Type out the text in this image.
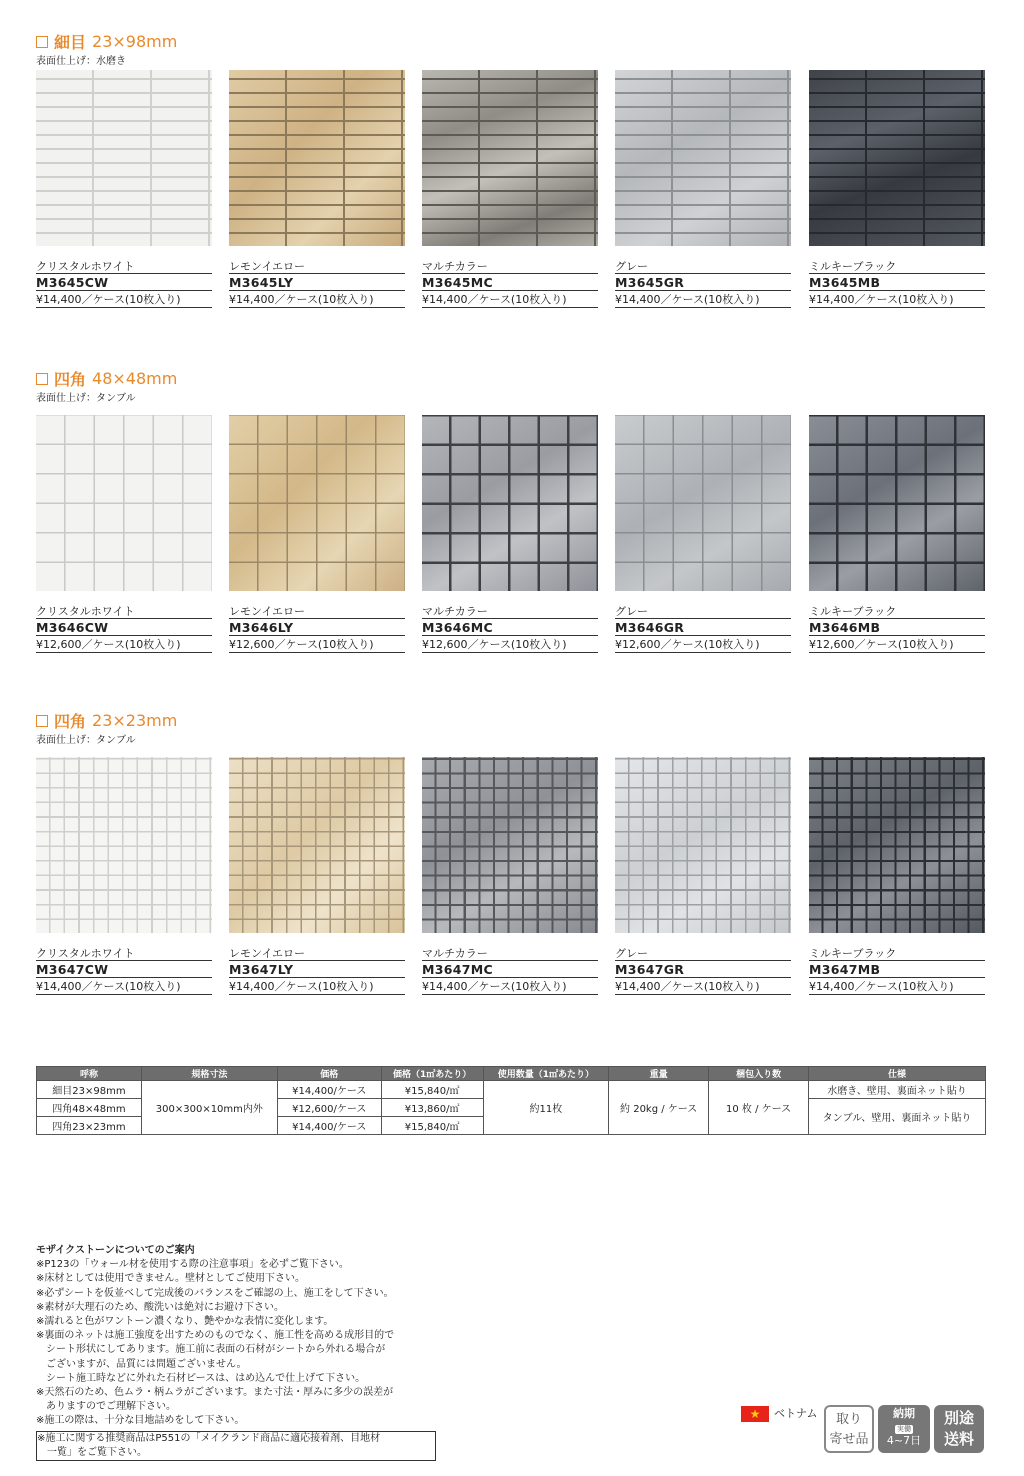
細目 23×98mm
表面仕上げ：水磨き
クリスタルホワイト
M3645CW
¥14,400／ケース(10枚入り)
レモンイエロー
M3645LY
¥14,400／ケース(10枚入り)
マルチカラー
M3645MC
¥14,400／ケース(10枚入り)
グレー
M3645GR
¥14,400／ケース(10枚入り)
ミルキーブラック
M3645MB
¥14,400／ケース(10枚入り)
四角 48×48mm
表面仕上げ：タンブル
クリスタルホワイト
M3646CW
¥12,600／ケース(10枚入り)
レモンイエロー
M3646LY
¥12,600／ケース(10枚入り)
マルチカラー
M3646MC
¥12,600／ケース(10枚入り)
グレー
M3646GR
¥12,600／ケース(10枚入り)
ミルキーブラック
M3646MB
¥12,600／ケース(10枚入り)
四角 23×23mm
表面仕上げ：タンブル
クリスタルホワイト
M3647CW
¥14,400／ケース(10枚入り)
レモンイエロー
M3647LY
¥14,400／ケース(10枚入り)
マルチカラー
M3647MC
¥14,400／ケース(10枚入り)
グレー
M3647GR
¥14,400／ケース(10枚入り)
ミルキーブラック
M3647MB
¥14,400／ケース(10枚入り)
呼称	規格寸法	価格	価格（1㎡あたり）	使用数量（1㎡あたり）	重量	梱包入り数	仕様
細目23×98mm	300×300×10mm内外	¥14,400/ケース	¥15,840/㎡	約11枚	約 20kg / ケース	10 枚 / ケース	水磨き、壁用、裏面ネット貼り
四角48×48mm		¥12,600/ケース	¥13,860/㎡				タンブル、壁用、裏面ネット貼り
四角23×23mm		¥14,400/ケース	¥15,840/㎡				
モザイクストーンについてのご案内
※P123の「ウォール材を使用する際の注意事項」を必ずご覧下さい。
※床材としては使用できません。壁材としてご使用下さい。
※必ずシートを仮並べして完成後のバランスをご確認の上、施工をして下さい。
※素材が大理石のため、酸洗いは絶対にお避け下さい。
※濡れると色がワントーン濃くなり、艶やかな表情に変化します。
※裏面のネットは施工強度を出すためのものでなく、施工性を高める成形目的で
　シート形状にしてあります。施工前に表面の石材がシートから外れる場合が
　ございますが、品質には問題ございません。
　シート施工時などに外れた石材ピースは、はめ込んで仕上げて下さい。
※天然石のため、色ムラ・柄ムラがございます。また寸法・厚みに多少の誤差が
　ありますのでご理解下さい。
※施工の際は、十分な目地詰めをして下さい。
※施工に関する推奨商品はP551の「メイクランド商品に適応接着剤、目地材
　一覧」をご覧下さい。
★	ベトナム	取り
寄せ品
納期
実働
4~7日
別途
送料
